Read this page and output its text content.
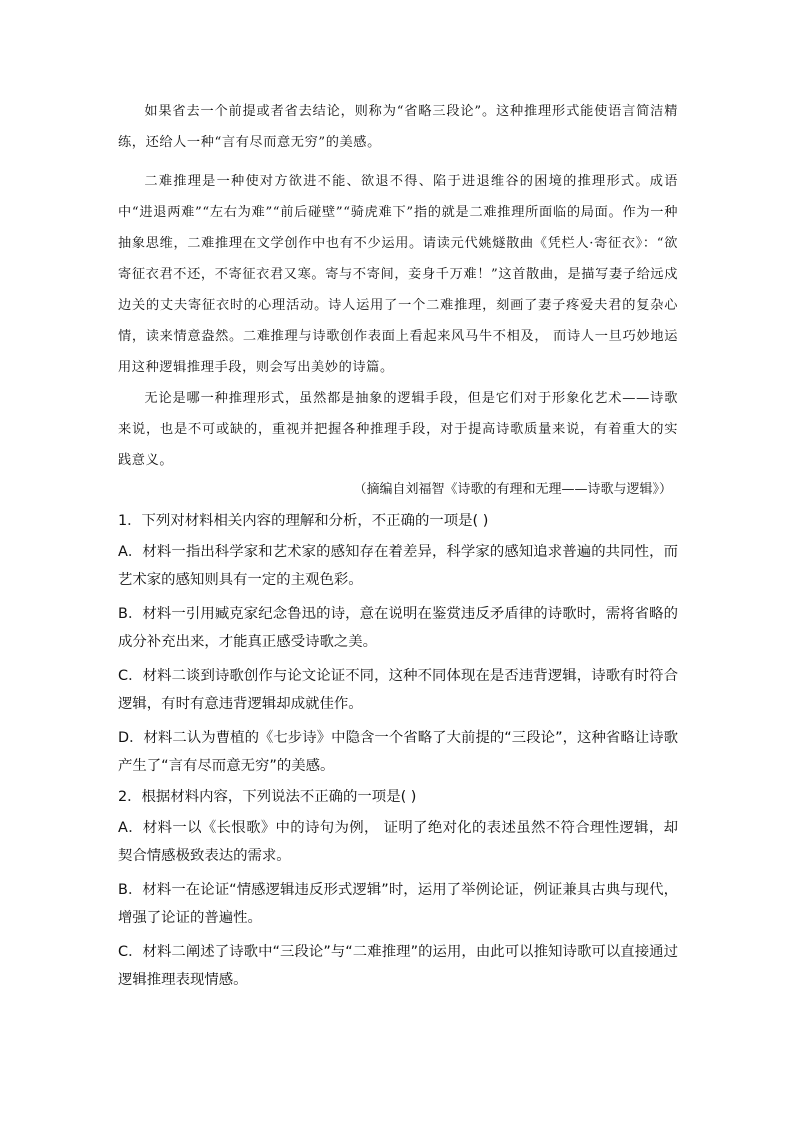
如果省去一个前提或者省去结论，则称为“省略三段论”。这种推理形式能使语言简洁精练，还给人一种“言有尽而意无穷”的美感。

二难推理是一种使对方欲进不能、欲退不得、陷于进退维谷的困境的推理形式。成语中“进退两难”“左右为难”“前后碰壁”“骑虎难下”指的就是二难推理所面临的局面。作为一种抽象思维，二难推理在文学创作中也有不少运用。请读元代姚燧散曲《凭栏人·寄征衣》：“欲寄征衣君不还，不寄征衣君又寒。寄与不寄间，妾身千万难！”这首散曲，是描写妻子给远戍边关的丈夫寄征衣时的心理活动。诗人运用了一个二难推理，刻画了妻子疼爱夫君的复杂心情，读来情意盎然。二难推理与诗歌创作表面上看起来风马牛不相及， 而诗人一旦巧妙地运用这种逻辑推理手段，则会写出美妙的诗篇。

无论是哪一种推理形式，虽然都是抽象的逻辑手段，但是它们对于形象化艺术——诗歌来说，也是不可或缺的，重视并把握各种推理手段，对于提高诗歌质量来说，有着重大的实践意义。

（摘编自刘福智《诗歌的有理和无理——诗歌与逻辑》）

1．下列对材料相关内容的理解和分析，不正确的一项是( )

A．材料一指出科学家和艺术家的感知存在着差异，科学家的感知追求普遍的共同性，而艺术家的感知则具有一定的主观色彩。

B．材料一引用臧克家纪念鲁迅的诗，意在说明在鉴赏违反矛盾律的诗歌时，需将省略的成分补充出来，才能真正感受诗歌之美。

C．材料二谈到诗歌创作与论文论证不同，这种不同体现在是否违背逻辑，诗歌有时符合逻辑，有时有意违背逻辑却成就佳作。

D．材料二认为曹植的《七步诗》中隐含一个省略了大前提的“三段论”，这种省略让诗歌产生了“言有尽而意无穷”的美感。

2．根据材料内容，下列说法不正确的一项是( )

A．材料一以《长恨歌》中的诗句为例， 证明了绝对化的表述虽然不符合理性逻辑，却契合情感极致表达的需求。

B．材料一在论证“情感逻辑违反形式逻辑”时，运用了举例论证，例证兼具古典与现代，增强了论证的普遍性。

C．材料二阐述了诗歌中“三段论”与“二难推理”的运用，由此可以推知诗歌可以直接通过逻辑推理表现情感。
